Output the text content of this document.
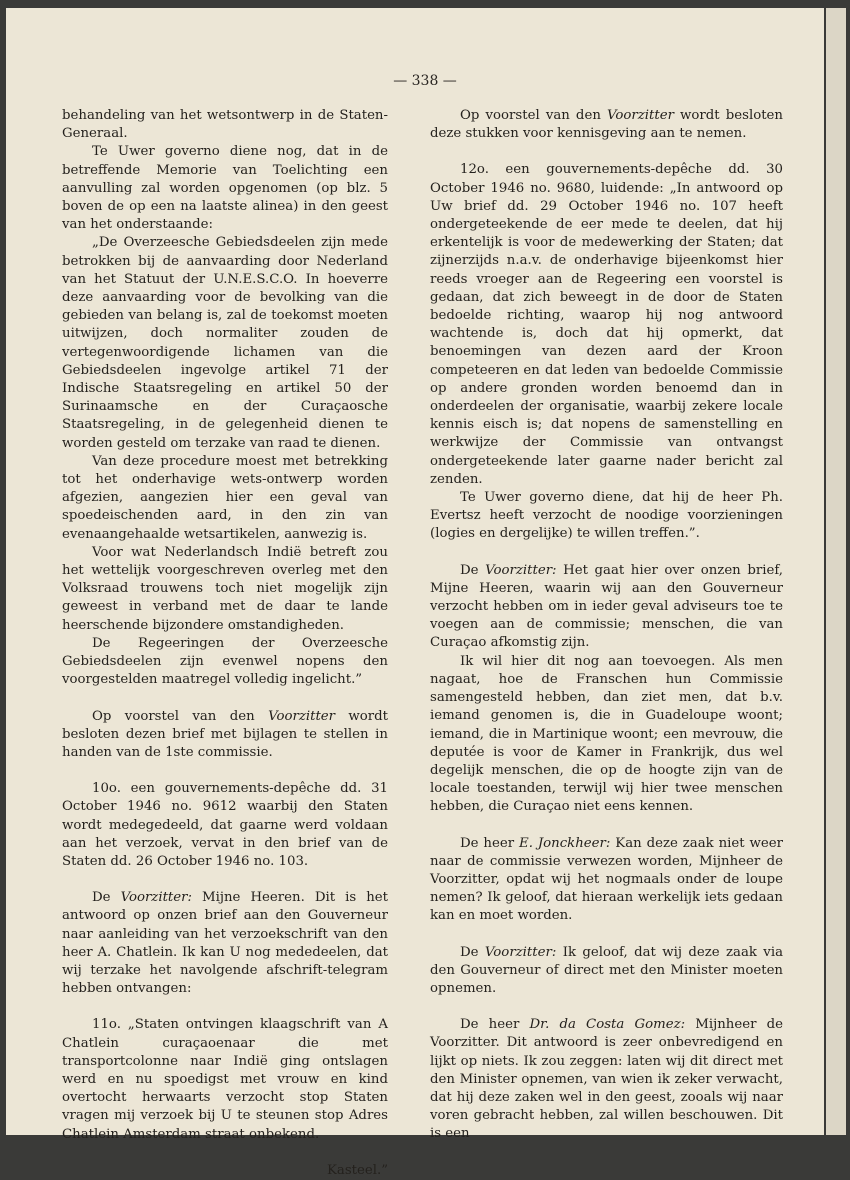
— 338 —

behandeling van het wetsontwerp in de Staten-Generaal.

Te Uwer governo diene nog, dat in de betreffende Memorie van Toelichting een aanvulling zal worden opgenomen (op blz. 5 boven de op een na laatste alinea) in den geest van het onderstaande:

„De Overzeesche Gebiedsdeelen zijn mede betrokken bij de aanvaarding door Nederland van het Statuut der U.N.E.S.C.O. In hoeverre deze aanvaarding voor de bevolking van die gebieden van belang is, zal de toekomst moeten uitwijzen, doch normaliter zouden de vertegenwoordigende lichamen van die Gebiedsdeelen ingevolge artikel 71 der Indische Staatsregeling en artikel 50 der Surinaamsche en der Curaçaosche Staatsregeling, in de gelegenheid dienen te worden gesteld om terzake van raad te dienen.

Van deze procedure moest met betrekking tot het onderhavige wets-ontwerp worden afgezien, aangezien hier een geval van spoedeischenden aard, in den zin van evenaangehaalde wetsartikelen, aanwezig is.

Voor wat Nederlandsch Indië betreft zou het wettelijk voorgeschreven overleg met den Volksraad trouwens toch niet mogelijk zijn geweest in verband met de daar te lande heerschende bijzondere omstandigheden.

De Regeeringen der Overzeesche Gebiedsdeelen zijn evenwel nopens den voorgestelden maatregel volledig ingelicht.”

Op voorstel van den Voorzitter wordt besloten dezen brief met bijlagen te stellen in handen van de 1ste commissie.

10o. een gouvernements-depêche dd. 31 October 1946 no. 9612 waarbij den Staten wordt medegedeeld, dat gaarne werd voldaan aan het verzoek, vervat in den brief van de Staten dd. 26 October 1946 no. 103.

De Voorzitter: Mijne Heeren. Dit is het antwoord op onzen brief aan den Gouverneur naar aanleiding van het verzoekschrift van den heer A. Chatlein. Ik kan U nog mededeelen, dat wij terzake het navolgende afschrift-telegram hebben ontvangen:

11o. „Staten ontvingen klaagschrift van A Chatlein curaçaoenaar die met transportcolonne naar Indië ging ontslagen werd en nu spoedigst met vrouw en kind overtocht herwaarts verzocht stop Staten vragen mij verzoek bij U te steunen stop Adres Chatlein Amsterdam straat onbekend.

Kasteel.”

Op voorstel van den Voorzitter wordt besloten deze stukken voor kennisgeving aan te nemen.

12o. een gouvernements-depêche dd. 30 October 1946 no. 9680, luidende: „In antwoord op Uw brief dd. 29 October 1946 no. 107 heeft ondergeteekende de eer mede te deelen, dat hij erkentelijk is voor de medewerking der Staten; dat zijnerzijds n.a.v. de onderhavige bijeenkomst hier reeds vroeger aan de Regeering een voorstel is gedaan, dat zich beweegt in de door de Staten bedoelde richting, waarop hij nog antwoord wachtende is, doch dat hij opmerkt, dat benoemingen van dezen aard der Kroon competeeren en dat leden van bedoelde Commissie op andere gronden worden benoemd dan in onderdeelen der organisatie, waarbij zekere locale kennis eisch is; dat nopens de samenstelling en werkwijze der Commissie van ontvangst ondergeteekende later gaarne nader bericht zal zenden.

Te Uwer governo diene, dat hij de heer Ph. Evertsz heeft verzocht de noodige voorzieningen (logies en dergelijke) te willen treffen.”.

De Voorzitter: Het gaat hier over onzen brief, Mijne Heeren, waarin wij aan den Gouverneur verzocht hebben om in ieder geval adviseurs toe te voegen aan de commissie; menschen, die van Curaçao afkomstig zijn.

Ik wil hier dit nog aan toevoegen. Als men nagaat, hoe de Franschen hun Commissie samengesteld hebben, dan ziet men, dat b.v. iemand genomen is, die in Guadeloupe woont; iemand, die in Martinique woont; een mevrouw, die deputée is voor de Kamer in Frankrijk, dus wel degelijk menschen, die op de hoogte zijn van de locale toestanden, terwijl wij hier twee menschen hebben, die Curaçao niet eens kennen.

De heer E. Jonckheer: Kan deze zaak niet weer naar de commissie verwezen worden, Mijnheer de Voorzitter, opdat wij het nogmaals onder de loupe nemen? Ik geloof, dat hieraan werkelijk iets gedaan kan en moet worden.

De Voorzitter: Ik geloof, dat wij deze zaak via den Gouverneur of direct met den Minister moeten opnemen.

De heer Dr. da Costa Gomez: Mijnheer de Voorzitter. Dit antwoord is zeer onbevredigend en lijkt op niets. Ik zou zeggen: laten wij dit direct met den Minister opnemen, van wien ik zeker verwacht, dat hij deze zaken wel in den geest, zooals wij naar voren gebracht hebben, zal willen beschouwen. Dit is een
